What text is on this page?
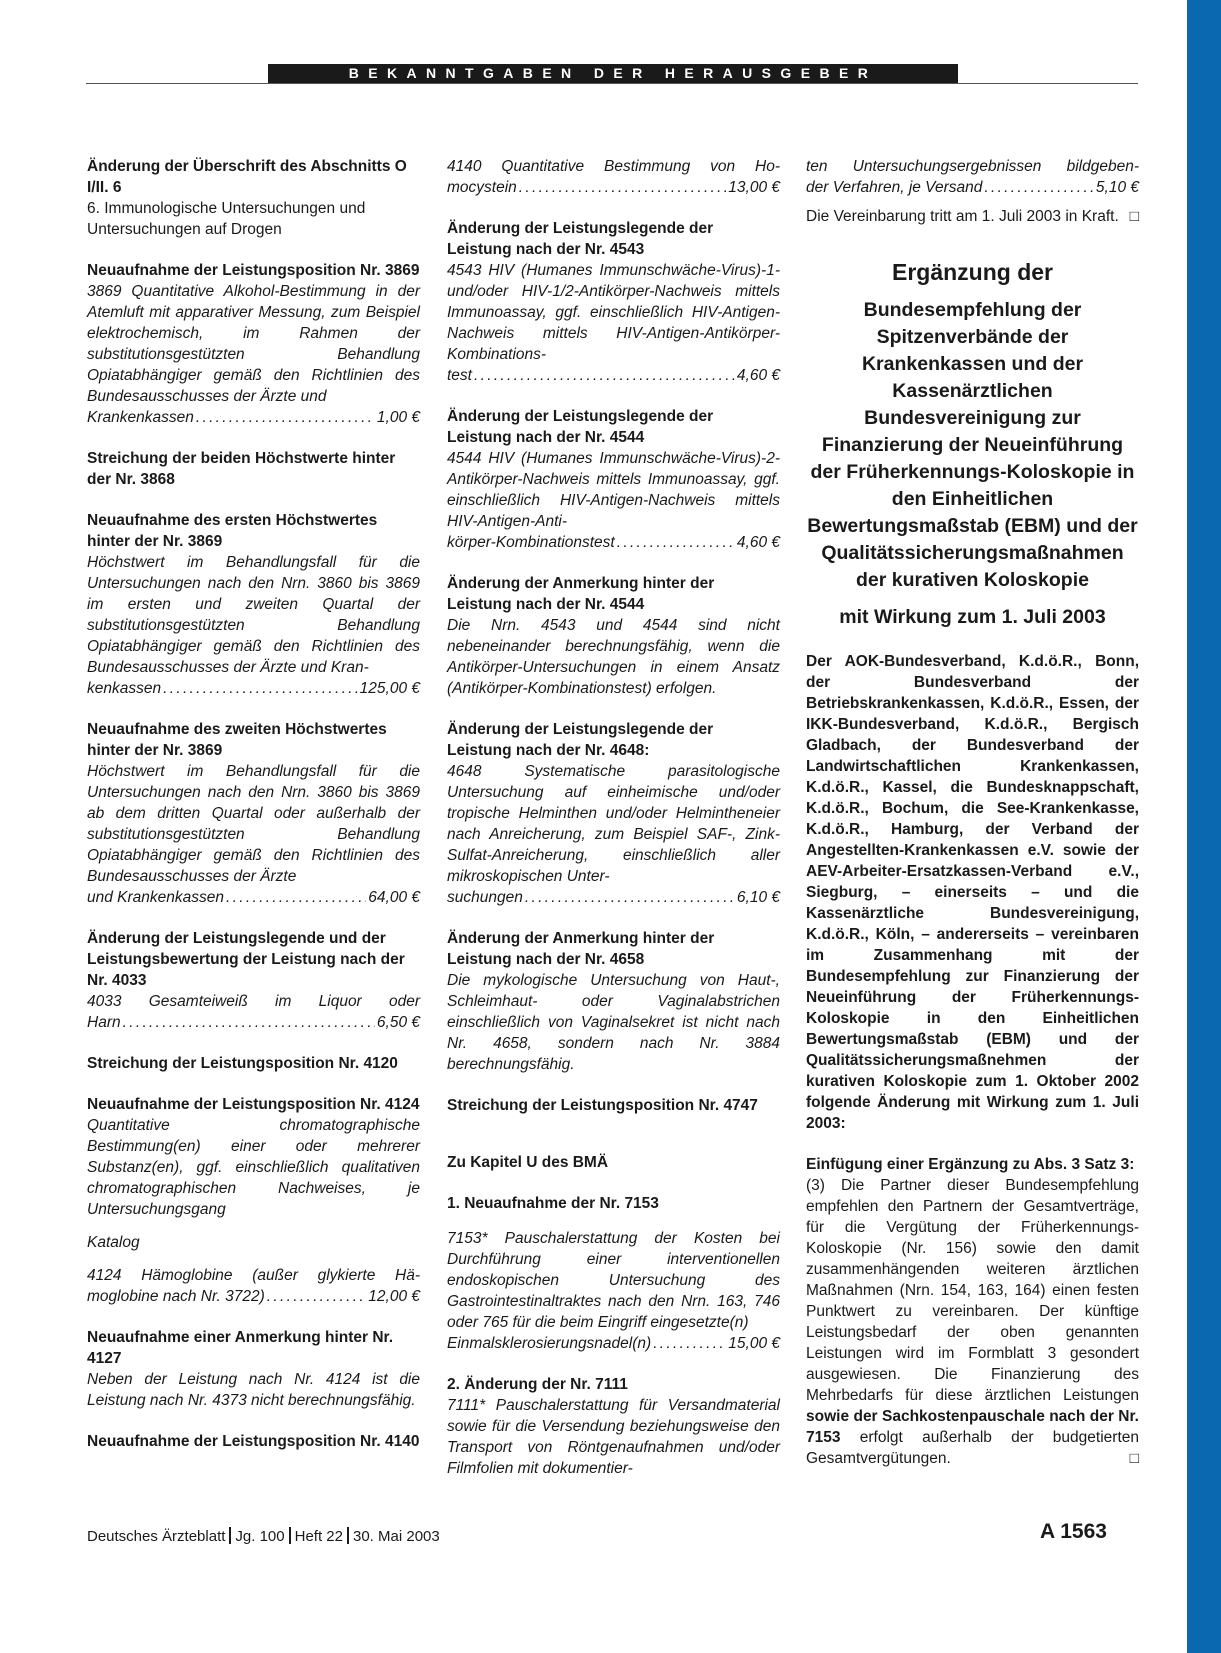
BEKANNTGABEN DER HERAUSGEBER

Änderung der Überschrift des Abschnitts O I/II. 6

6. Immunologische Untersuchungen und Untersuchungen auf Drogen

Neuaufnahme der Leistungsposition Nr. 3869

3869 Quantitative Alkohol-Bestimmung in der Atemluft mit apparativer Messung, zum Beispiel elektrochemisch, im Rahmen der substitutionsgestützten Behandlung Opiatabhängiger gemäß den Richtlinien des Bundesausschusses der Ärzte und

Krankenkassen . . .	1,00 €

Streichung der beiden Höchstwerte hinter der Nr. 3868

Neuaufnahme des ersten Höchstwertes hinter der Nr. 3869

Höchstwert im Behandlungsfall für die Untersuchungen nach den Nrn. 3860 bis 3869 im ersten und zweiten Quartal der substitutionsgestützten Behandlung Opiatabhängiger gemäß den Richtlinien des Bundesausschusses der Ärzte und Kran-

kenkassen . . .	125,00 €

Neuaufnahme des zweiten Höchstwertes hinter der Nr. 3869

Höchstwert im Behandlungsfall für die Untersuchungen nach den Nrn. 3860 bis 3869 ab dem dritten Quartal oder außerhalb der substitutionsgestützten Behandlung Opiatabhängiger gemäß den Richtlinien des Bundesausschusses der Ärzte

und Krankenkassen . . .	64,00 €

Änderung der Leistungslegende und der Leistungsbewertung der Leistung nach der Nr. 4033

4033 Gesamteiweiß im Liquor oder

Harn . . .	6,50 €

Streichung der Leistungsposition Nr. 4120

Neuaufnahme der Leistungsposition Nr. 4124

Quantitative chromatographische Bestimmung(en) einer oder mehrerer Substanz(en), ggf. einschließlich qualitativen chromatographischen Nachweises, je Untersuchungsgang

Katalog

4124 Hämoglobine (außer glykierte Hä-

moglobine nach Nr. 3722) . . .	12,00 €

Neuaufnahme einer Anmerkung hinter Nr. 4127

Neben der Leistung nach Nr. 4124 ist die Leistung nach Nr. 4373 nicht berechnungsfähig.

Neuaufnahme der Leistungsposition Nr. 4140

4140 Quantitative Bestimmung von Ho-

mocystein . . .	13,00 €

Änderung der Leistungslegende der Leistung nach der Nr. 4543

4543 HIV (Humanes Immunschwäche-Virus)-1- und/oder HIV-1/2-Antikörper-Nachweis mittels Immunoassay, ggf. einschließlich HIV-Antigen-Nachweis mittels HIV-Antigen-Antikörper-Kombinations-

test . . .	4,60 €

Änderung der Leistungslegende der Leistung nach der Nr. 4544

4544 HIV (Humanes Immunschwäche-Virus)-2-Antikörper-Nachweis mittels Immunoassay, ggf. einschließlich HIV-Antigen-Nachweis mittels HIV-Antigen-Anti-

körper-Kombinationstest . . .	4,60 €

Änderung der Anmerkung hinter der Leistung nach der Nr. 4544

Die Nrn. 4543 und 4544 sind nicht nebeneinander berechnungsfähig, wenn die Antikörper-Untersuchungen in einem Ansatz (Antikörper-Kombinationstest) erfolgen.

Änderung der Leistungslegende der Leistung nach der Nr. 4648:

4648 Systematische parasitologische Untersuchung auf einheimische und/oder tropische Helminthen und/oder Helmintheneier nach Anreicherung, zum Beispiel SAF-, Zink-Sulfat-Anreicherung, einschließlich aller mikroskopischen Unter-

suchungen . . .	6,10 €

Änderung der Anmerkung hinter der Leistung nach der Nr. 4658

Die mykologische Untersuchung von Haut-, Schleimhaut- oder Vaginalabstrichen einschließlich von Vaginalsekret ist nicht nach Nr. 4658, sondern nach Nr. 3884 berechnungsfähig.

Streichung der Leistungsposition Nr. 4747

Zu Kapitel U des BMÄ

1. Neuaufnahme der Nr. 7153

7153* Pauschalerstattung der Kosten bei Durchführung einer interventionellen endoskopischen Untersuchung des Gastrointestinaltraktes nach den Nrn. 163, 746 oder 765 für die beim Eingriff eingesetzte(n)

Einmalsklerosierungsnadel(n) . . .	15,00 €

2. Änderung der Nr. 7111

7111* Pauschalerstattung für Versandmaterial sowie für die Versendung beziehungsweise den Transport von Röntgenaufnahmen und/oder Filmfolien mit dokumentier-

ten Untersuchungsergebnissen bildgeben-

der Verfahren, je Versand . . .	5,10 €

Die Vereinbarung tritt am 1. Juli 2003 in Kraft. □

Ergänzung der
Bundesempfehlung der Spitzenverbände der Krankenkassen und der Kassenärztlichen Bundesvereinigung zur Finanzierung der Neueinführung der Früherkennungs-Koloskopie in den Einheitlichen Bewertungsmaßstab (EBM) und der Qualitätssicherungsmaßnahmen der kurativen Koloskopie
mit Wirkung zum 1. Juli 2003
Der AOK-Bundesverband, K.d.ö.R., Bonn, der Bundesverband der Betriebskrankenkassen, K.d.ö.R., Essen, der IKK-Bundesverband, K.d.ö.R., Bergisch Gladbach, der Bundesverband der Landwirtschaftlichen Krankenkassen, K.d.ö.R., Kassel, die Bundesknappschaft, K.d.ö.R., Bochum, die See-Krankenkasse, K.d.ö.R., Hamburg, der Verband der Angestellten-Krankenkassen e.V. sowie der AEV-Arbeiter-Ersatzkassen-Verband e.V., Siegburg, – einerseits – und die Kassenärztliche Bundesvereinigung, K.d.ö.R., Köln, – andererseits – vereinbaren im Zusammenhang mit der Bundesempfehlung zur Finanzierung der Neueinführung der Früherkennungs-Koloskopie in den Einheitlichen Bewertungsmaßstab (EBM) und der Qualitätssicherungsmaßnehmen der kurativen Koloskopie zum 1. Oktober 2002 folgende Änderung mit Wirkung zum 1. Juli 2003:

Einfügung einer Ergänzung zu Abs. 3 Satz 3:

(3) Die Partner dieser Bundesempfehlung empfehlen den Partnern der Gesamtverträge, für die Vergütung der Früherkennungs-Koloskopie (Nr. 156) sowie den damit zusammenhängenden weiteren ärztlichen Maßnahmen (Nrn. 154, 163, 164) einen festen Punktwert zu vereinbaren. Der künftige Leistungsbedarf der oben genannten Leistungen wird im Formblatt 3 gesondert ausgewiesen. Die Finanzierung des Mehrbedarfs für diese ärztlichen Leistungen sowie der Sachkostenpauschale nach der Nr. 7153 erfolgt außerhalb der budgetierten Gesamtvergütungen.	□

Deutsches Ärzteblatt Jg. 100 Heft 22 30. Mai 2003	A 1563
